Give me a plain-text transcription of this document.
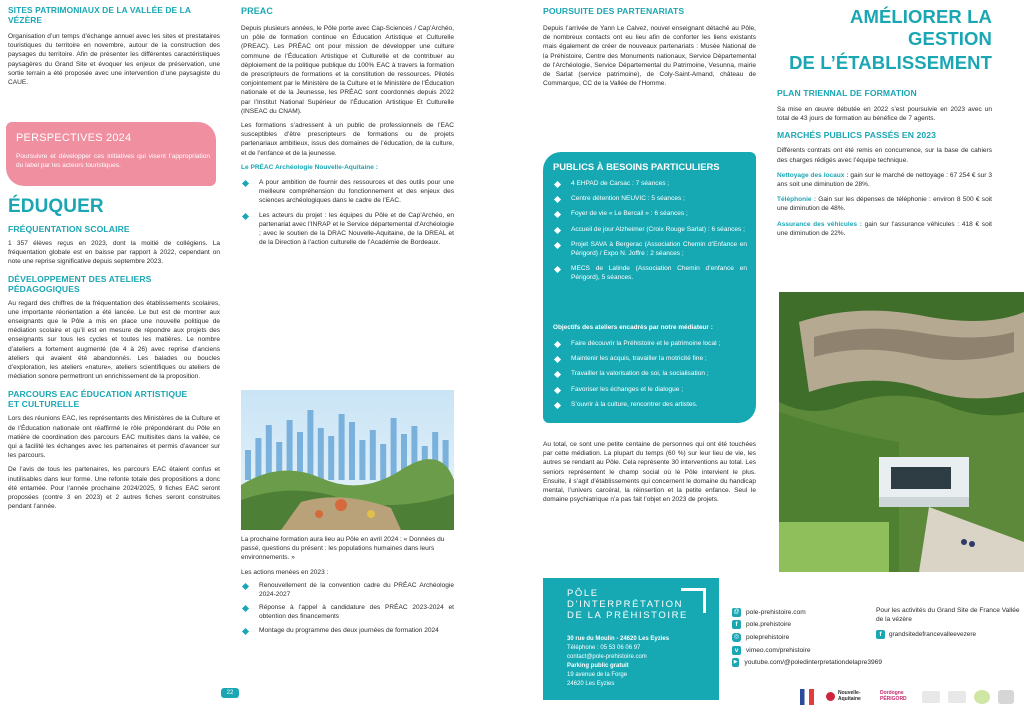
SITES PATRIMONIAUX DE LA VALLÉE DE LA VÉZÈRE

Organisation d’un temps d’échange annuel avec les sites et prestataires touristiques du territoire en novembre, autour de la construction des paysages du territoire. Afin de présenter les différentes caractéristiques paysagères du Grand Site et évoquer les enjeux de préservation, une sortie terrain a été proposée avec une intervention d’une paysagiste du CAUE.

PERSPECTIVES 2024

Poursuivre et développer ces initiatives qui visent l’appropriation du label par les acteurs touristiques.

ÉDUQUER
FRÉQUENTATION SCOLAIRE

1 357 élèves reçus en 2023, dont la moitié de collégiens. La fréquentation globale est en baisse par rapport à 2022, cependant on note une reprise significative depuis septembre 2023.

DÉVELOPPEMENT DES ATELIERS PÉDAGOGIQUES

Au regard des chiffres de la fréquentation des établissements scolaires, une importante réorientation a été lancée. Le but est de montrer aux enseignants que le Pôle a mis en place une nouvelle politique de médiation scolaire et qu’il est en mesure de répondre aux projets des enseignants sur tous les cycles et toutes les matières. Le nombre d’ateliers a fortement augmenté (de 4 à 26) avec reprise d’anciens ateliers qui avaient été abandonnés. Les balades ou boucles d’exploration, les ateliers «nature», ateliers scientifiques ou ateliers de médiation sonore permettront un enrichissement de la proposition.

PARCOURS EAC ÉDUCATION ARTISTIQUE ET CULTURELLE

Lors des réunions EAC, les représentants des Ministères de la Culture et de l’Éducation nationale ont réaffirmé le rôle prépondérant du Pôle en matière de coordination des parcours EAC multisites dans la vallée, ce qui a facilité les échanges avec les partenaires et permis d’avancer sur les parcours.

De l’avis de tous les partenaires, les parcours EAC étaient confus et inutilisables dans leur forme. Une refonte totale des propositions a donc été entamée. Pour l’année prochaine 2024/2025, 9 fiches EAC seront proposées (contre 3 en 2023) et 2 autres fiches seront construites pendant l’année.

PREAC

Depuis plusieurs années, le Pôle porte avec Cap-Sciences / Cap’Archéo, un pôle de formation continue en Éducation Artistique et Culturelle (PREAC). Les PRÉAC ont pour mission de développer une culture commune de l’Éducation Artistique et Culturelle et de contribuer au déploiement de la politique publique du 100% EAC à travers la formation de prescripteurs de formations et la constitution de ressources. Pilotés conjointement par le Ministère de la Culture et le Ministère de l’Éducation nationale et de la Jeunesse, les PRÉAC sont coordonnés depuis 2022 par l’Institut National Supérieur de l’Éducation Artistique Et Culturelle (INSEAC du CNAM).

Les formations s’adressent à un public de professionnels de l’EAC susceptibles d’être prescripteurs de formations ou de projets partenariaux ambitieux, issus des domaines de l’éducation, de la culture, et de l’enfance et de la jeunesse.

Le PRÉAC Archéologie Nouvelle-Aquitaine :
A pour ambition de fournir des ressources et des outils pour une meilleure compréhension du fonctionnement et des enjeux des sciences archéologiques dans le cadre de l’EAC.
Les acteurs du projet : les équipes du Pôle et de Cap’Archéo, en partenariat avec l’INRAP et le Service départemental d’Archéologie ; avec le soutien de la DRAC Nouvelle-Aquitaine, de la DREAL et de la Direction à l’action culturelle de l’Académie de Bordeaux.

La prochaine formation aura lieu au Pôle en avril 2024 : « Données du passé, questions du présent : les populations humaines dans leurs environnements. »

Les actions menées en 2023 :
Renouvellement de la convention cadre du PRÉAC Archéologie 2024-2027
Réponse à l’appel à candidature des PRÉAC 2023-2024 et obtention des financements
Montage du programme des deux journées de formation 2024
22
POURSUITE DES PARTENARIATS

Depuis l’arrivée de Yann Le Calvez, nouvel enseignant détaché au Pôle, de nombreux contacts ont eu lieu afin de conforter les liens existants mais également de créer de nouveaux partenariats : Musée National de la Préhistoire, Centre des Monuments nationaux, Service Départemental de l’Archéologie, Service Départemental du Patrimoine, Vesunna, mairie de Sarlat (service patrimoine), de Coly-Saint-Amand, château de Commarque, CC de la Vallée de l’Homme.

PUBLICS À BESOINS PARTICULIERS
4 EHPAD de Carsac : 7 séances ;
Centre détention NEUVIC : 5 séances ;
Foyer de vie « Le Bercail » : 6 séances ;
Accueil de jour Alzheimer (Croix Rouge Sarlat) : 6 séances ;
Projet SAVA à Bergerac (Association Chemin d’Enfance en Périgord) / Expo N. Joffre : 2 séances ;
MECS de Lalinde (Association Chemin d’enfance en Périgord), 5 séances.
Objectifs des ateliers encadrés par notre médiateur :
Faire découvrir la Préhistoire et le patrimoine local ;
Maintenir les acquis, travailler la motricité fine ;
Travailler la valorisation de soi, la socialisation ;
Favoriser les échanges et le dialogue ;
S’ouvrir à la culture, rencontrer des artistes.

Au total, ce sont une petite centaine de personnes qui ont été touchées par cette médiation. La plupart du temps (60 %) sur leur lieu de vie, les autres se rendant au Pôle. Cela représente 30 interventions au total. Les seniors représentent le champ social où le Pôle intervient le plus. Ensuite, il s’agit d’établissements qui concernent le domaine du handicap mental, l’univers carcéral, la réinsertion et la petite enfance. Seul le domaine psychiatrique n’a pas fait l’objet en 2023 de projets.

AMÉLIORER LA GESTION
DE L’ÉTABLISSEMENT
PLAN TRIENNAL DE FORMATION

Sa mise en œuvre débutée en 2022 s’est poursuivie en 2023 avec un total de 43 jours de formation au bénéfice de 7 agents.

MARCHÉS PUBLICS PASSÉS EN 2023

Différents contrats ont été remis en concurrence, sur la base de cahiers des charges rédigés avec l’équipe technique.

Nettoyage des locaux : gain sur le marché de nettoyage : 67 254 € sur 3 ans soit une diminution de 28%.

Téléphonie : Gain sur les dépenses de téléphonie : environ 8 500 € soit une diminution de 48%.

Assurance des véhicules : gain sur l’assurance véhicules : 418 € soit une diminution de 22%.

PÔLE
D’INTERPRÉTATION
DE LA PRÉHISTOIRE
30 rue du Moulin - 24620 Les Eyzies
Téléphone : 05 53 06 06 97
contact@pole-prehistoire.com
Parking public gratuit
19 avenue de la Forge
24620 Les Eyzies
@ pole-prehistoire.com
f	pole.prehistoire
◎ poleprehistoire
v	vimeo.com/prehistoire
▶ youtube.com/@poledinterpretationdelapre3969
Pour les activités du Grand Site de France Vallée de la vézère
f	grandsitedefrancevalleevezere
Nouvelle-Aquitaine
Dordogne PÉRIGORD
